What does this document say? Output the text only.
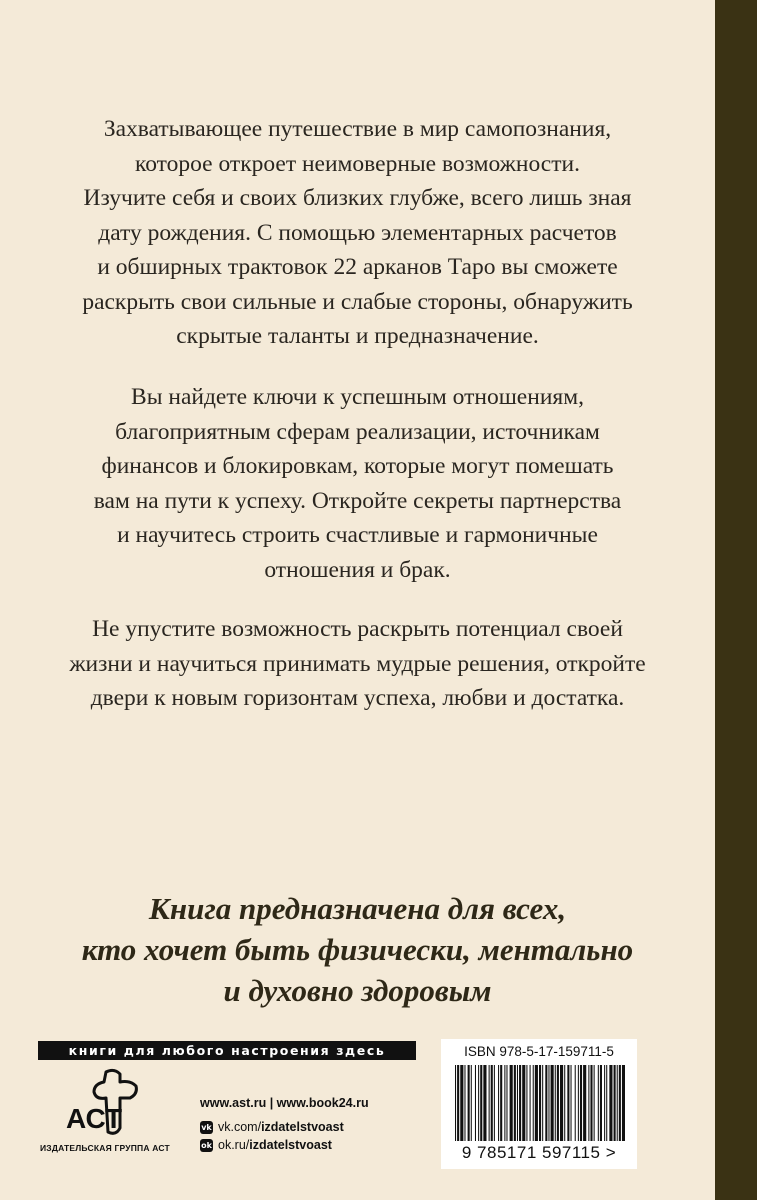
Захватывающее путешествие в мир самопознания,
которое откроет неимоверные возможности.
Изучите себя и своих близких глубже, всего лишь зная
дату рождения. С помощью элементарных расчетов
и обширных трактовок 22 арканов Таро вы сможете
раскрыть свои сильные и слабые стороны, обнаружить
скрытые таланты и предназначение.

Вы найдете ключи к успешным отношениям,
благоприятным сферам реализации, источникам
финансов и блокировкам, которые могут помешать
вам на пути к успеху. Откройте секреты партнерства
и научитесь строить счастливые и гармоничные
отношения и брак.

Не упустите возможность раскрыть потенциал своей
жизни и научиться принимать мудрые решения, откройте
двери к новым горизонтам успеха, любви и достатка.

Книга предназначена для всех,
кто хочет быть физически, ментально
и духовно здоровым

книги для любого настроения здесь
АСТ
ИЗДАТЕЛЬСКАЯ ГРУППА АСТ
www.ast.ru | www.book24.ru
vk vk.com/ izdatelstvoast
ok ok.ru/ izdatelstvoast
ISBN 978-5-17-159711-5
9 785171 597115 >
